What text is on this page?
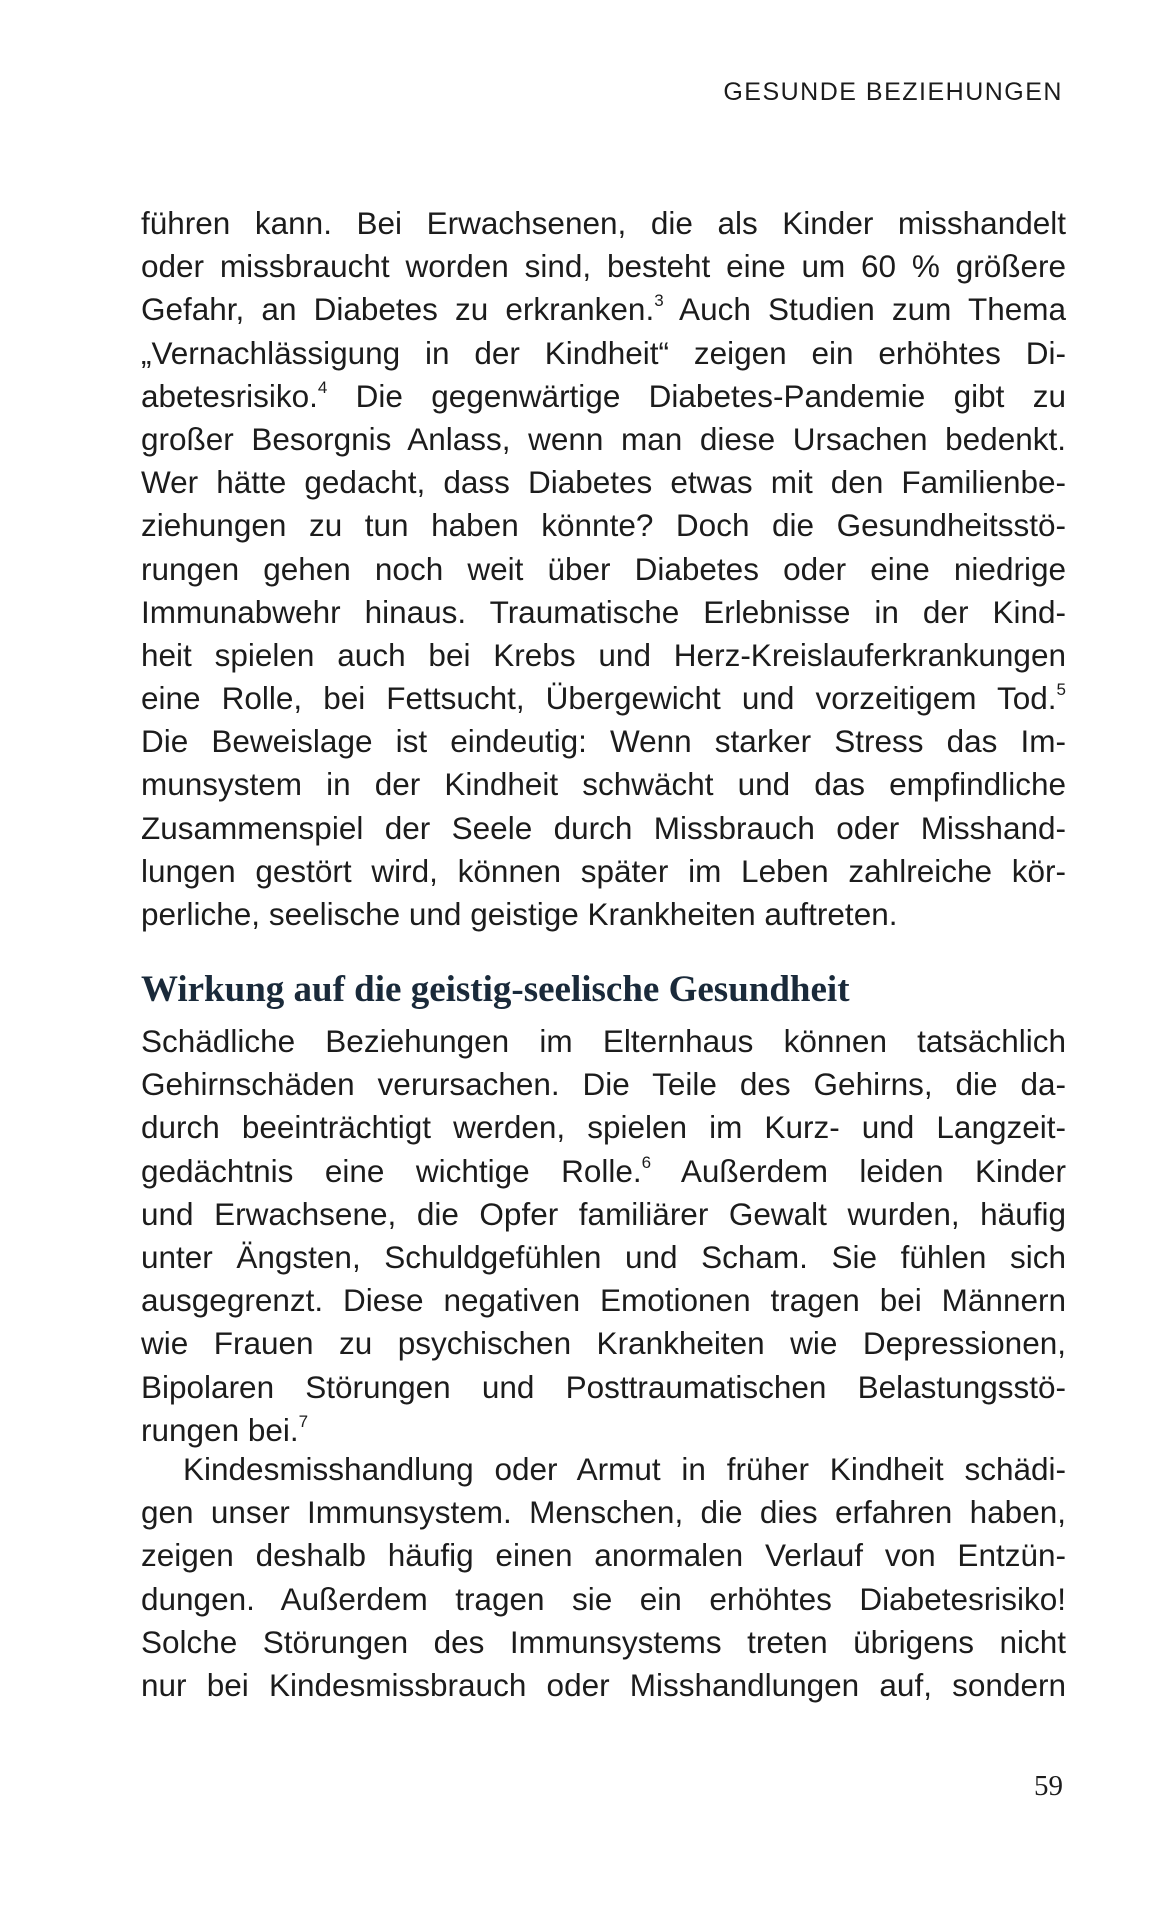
GESUNDE BEZIEHUNGEN
führen kann. Bei Erwachsenen, die als Kinder misshandelt
oder missbraucht worden sind, besteht eine um 60 % größere
Gefahr, an Diabetes zu erkranken.$^3$ Auch Studien zum Thema
„Vernachlässigung in der Kindheit“ zeigen ein erhöhtes Di-
abetesrisiko.$^4$ Die gegenwärtige Diabetes-Pandemie gibt zu
großer Besorgnis Anlass, wenn man diese Ursachen bedenkt.
Wer hätte gedacht, dass Diabetes etwas mit den Familienbe-
ziehungen zu tun haben könnte? Doch die Gesundheitsstö-
rungen gehen noch weit über Diabetes oder eine niedrige
Immunabwehr hinaus. Traumatische Erlebnisse in der Kind-
heit spielen auch bei Krebs und Herz-Kreislauferkrankungen
eine Rolle, bei Fettsucht, Übergewicht und vorzeitigem Tod.$^5$
Die Beweislage ist eindeutig: Wenn starker Stress das Im-
munsystem in der Kindheit schwächt und das empfindliche
Zusammenspiel der Seele durch Missbrauch oder Misshand-
lungen gestört wird, können später im Leben zahlreiche kör-
perliche, seelische und geistige Krankheiten auftreten.
Wirkung auf die geistig-seelische Gesundheit
Schädliche Beziehungen im Elternhaus können tatsächlich
Gehirnschäden verursachen. Die Teile des Gehirns, die da-
durch beeinträchtigt werden, spielen im Kurz- und Langzeit-
gedächtnis eine wichtige Rolle.$^6$ Außerdem leiden Kinder
und Erwachsene, die Opfer familiärer Gewalt wurden, häufig
unter Ängsten, Schuldgefühlen und Scham. Sie fühlen sich
ausgegrenzt. Diese negativen Emotionen tragen bei Männern
wie Frauen zu psychischen Krankheiten wie Depressionen,
Bipolaren Störungen und Posttraumatischen Belastungsstö-
rungen bei.$^7$
Kindesmisshandlung oder Armut in früher Kindheit schädi-
gen unser Immunsystem. Menschen, die dies erfahren haben,
zeigen deshalb häufig einen anormalen Verlauf von Entzün-
dungen. Außerdem tragen sie ein erhöhtes Diabetesrisiko!
Solche Störungen des Immunsystems treten übrigens nicht
nur bei Kindesmissbrauch oder Misshandlungen auf, sondern
59
